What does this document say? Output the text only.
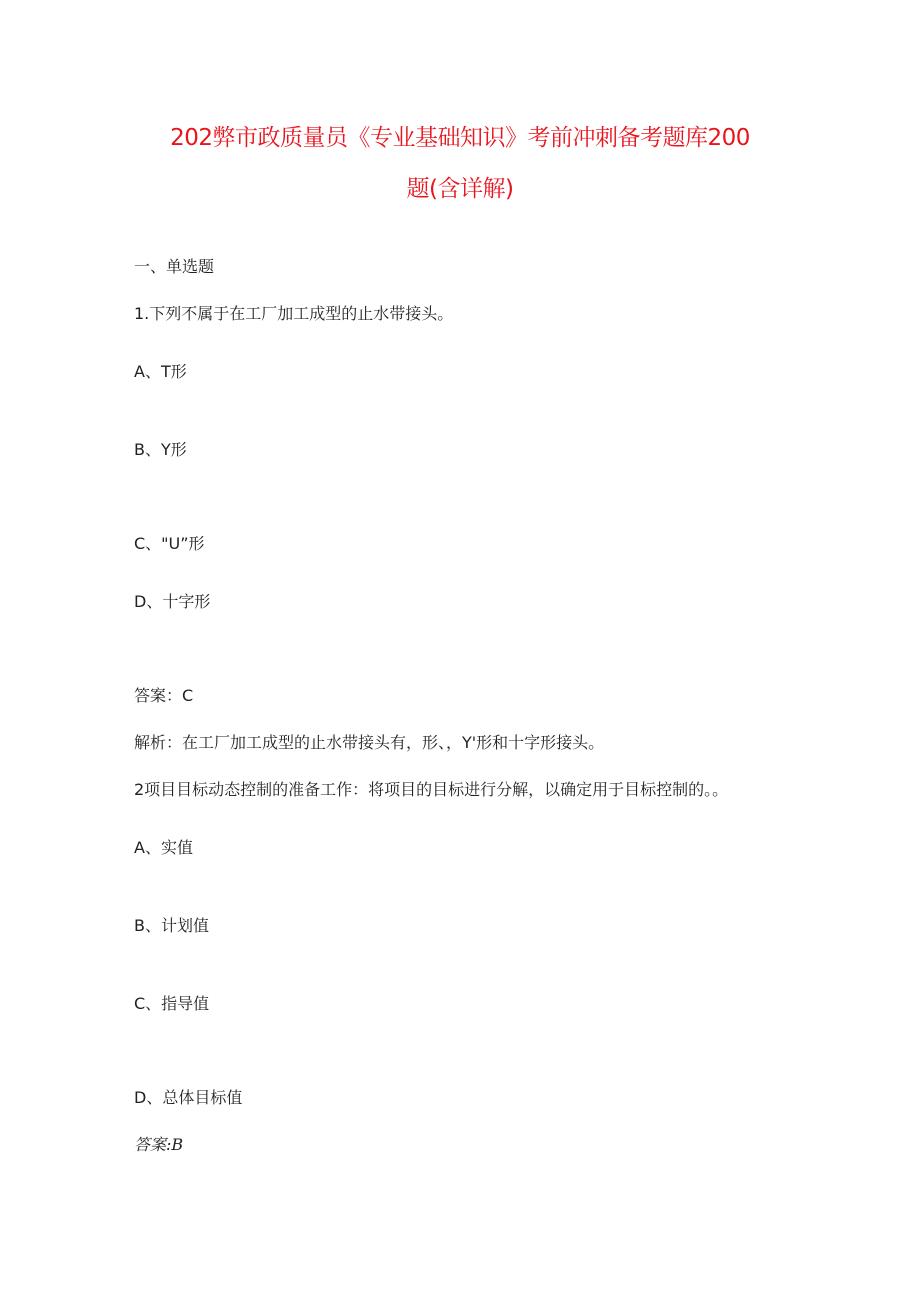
202弊市政质量员《专业基础知识》考前冲刺备考题库200
题(含详解)
一、单选题
1.下列不属于在工厂加工成型的止水带接头。
A、T形
B、Y形
C、"U”形
D、十字形
答案：C
解析：在工厂加工成型的止水带接头有，形、，Y'形和十字形接头。
2项目目标动态控制的准备工作：将项目的目标进行分解，以确定用于目标控制的。。
A、实值
B、计划值
C、指导值
D、总体目标值
答案:B
